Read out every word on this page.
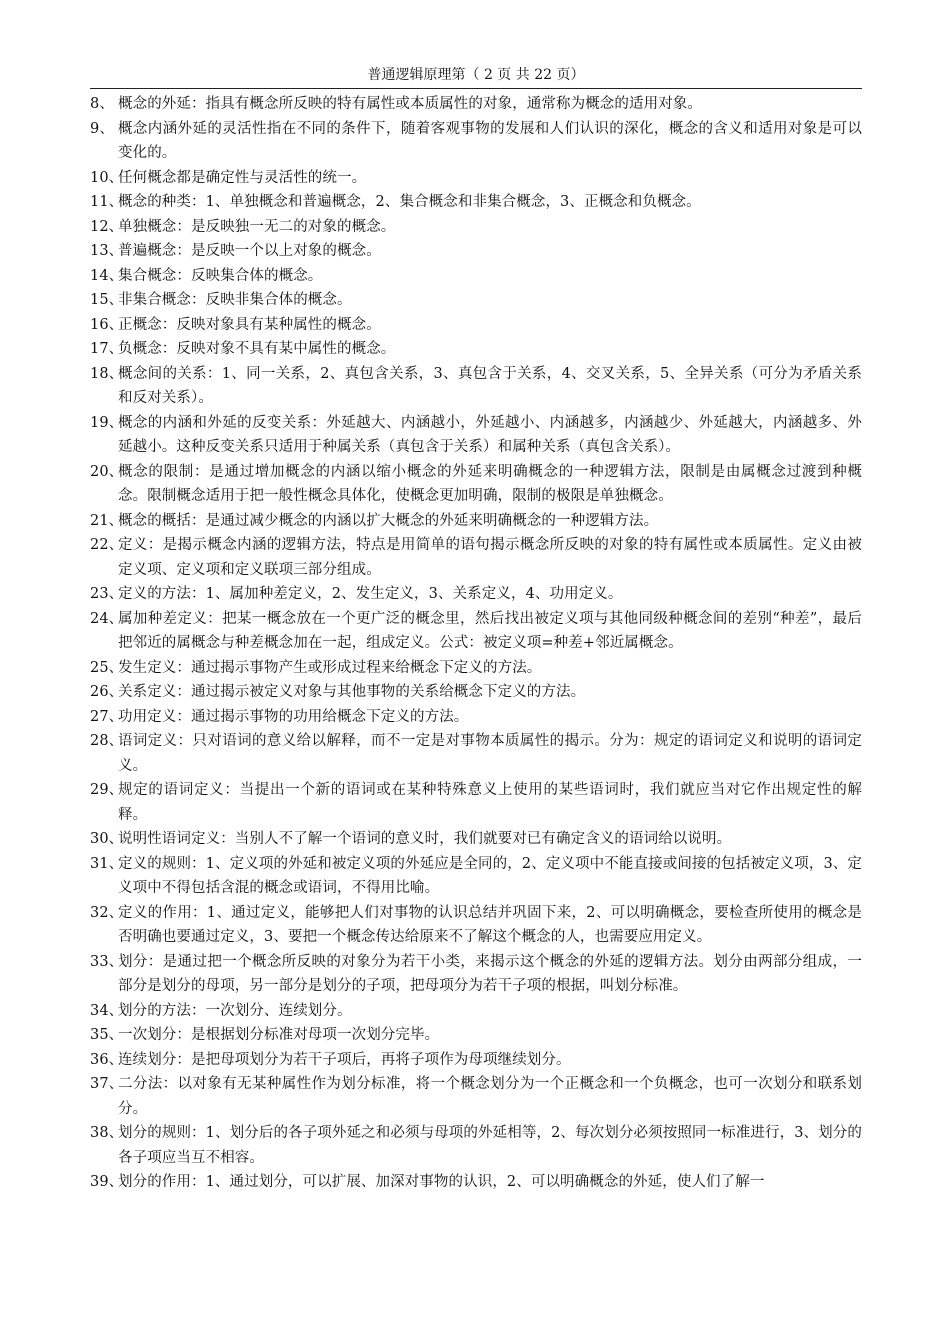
普通逻辑原理第（ 2 页 共 22 页）
8、 概念的外延：指具有概念所反映的特有属性或本质属性的对象，通常称为概念的适用对象。
9、 概念内涵外延的灵活性指在不同的条件下，随着客观事物的发展和人们认识的深化，概念的含义和适用对象是可以变化的。
10、
任何概念都是确定性与灵活性的统一。
11、
概念的种类：1、单独概念和普遍概念，2、集合概念和非集合概念，3、正概念和负概念。
12、
单独概念：是反映独一无二的对象的概念。
13、
普遍概念：是反映一个以上对象的概念。
14、
集合概念：反映集合体的概念。
15、
非集合概念：反映非集合体的概念。
16、
正概念：反映对象具有某种属性的概念。
17、
负概念：反映对象不具有某中属性的概念。
18、
概念间的关系：1、同一关系，2、真包含关系，3、真包含于关系，4、交叉关系，5、全异关系（可分为矛盾关系和反对关系）。
19、
概念的内涵和外延的反变关系：外延越大、内涵越小，外延越小、内涵越多，内涵越少、外延越大，内涵越多、外延越小。这种反变关系只适用于种属关系（真包含于关系）和属种关系（真包含关系）。
20、
概念的限制：是通过增加概念的内涵以缩小概念的外延来明确概念的一种逻辑方法，限制是由属概念过渡到种概念。限制概念适用于把一般性概念具体化，使概念更加明确，限制的极限是单独概念。
21、
概念的概括：是通过减少概念的内涵以扩大概念的外延来明确概念的一种逻辑方法。
22、
定义：是揭示概念内涵的逻辑方法，特点是用简单的语句揭示概念所反映的对象的特有属性或本质属性。定义由被定义项、定义项和定义联项三部分组成。
23、
定义的方法：1、属加种差定义，2、发生定义，3、关系定义，4、功用定义。
24、
属加种差定义：把某一概念放在一个更广泛的概念里，然后找出被定义项与其他同级种概念间的差别“种差”，最后把邻近的属概念与种差概念加在一起，组成定义。公式：被定义项=种差+邻近属概念。
25、
发生定义：通过揭示事物产生或形成过程来给概念下定义的方法。
26、
关系定义：通过揭示被定义对象与其他事物的关系给概念下定义的方法。
27、
功用定义：通过揭示事物的功用给概念下定义的方法。
28、
语词定义：只对语词的意义给以解释，而不一定是对事物本质属性的揭示。分为：规定的语词定义和说明的语词定义。
29、
规定的语词定义：当提出一个新的语词或在某种特殊意义上使用的某些语词时，我们就应当对它作出规定性的解释。
30、
说明性语词定义：当别人不了解一个语词的意义时，我们就要对已有确定含义的语词给以说明。
31、
定义的规则：1、定义项的外延和被定义项的外延应是全同的，2、定义项中不能直接或间接的包括被定义项，3、定义项中不得包括含混的概念或语词，不得用比喻。
32、
定义的作用：1、通过定义，能够把人们对事物的认识总结并巩固下来，2、可以明确概念，要检查所使用的概念是否明确也要通过定义，3、要把一个概念传达给原来不了解这个概念的人，也需要应用定义。
33、
划分：是通过把一个概念所反映的对象分为若干小类，来揭示这个概念的外延的逻辑方法。划分由两部分组成，一部分是划分的母项，另一部分是划分的子项，把母项分为若干子项的根据，叫划分标准。
34、
划分的方法：一次划分、连续划分。
35、
一次划分：是根据划分标准对母项一次划分完毕。
36、
连续划分：是把母项划分为若干子项后，再将子项作为母项继续划分。
37、
二分法：以对象有无某种属性作为划分标准，将一个概念划分为一个正概念和一个负概念，也可一次划分和联系划分。
38、
划分的规则：1、划分后的各子项外延之和必须与母项的外延相等，2、每次划分必须按照同一标准进行，3、划分的各子项应当互不相容。
39、
划分的作用：1、通过划分，可以扩展、加深对事物的认识，2、可以明确概念的外延，使人们了解一
